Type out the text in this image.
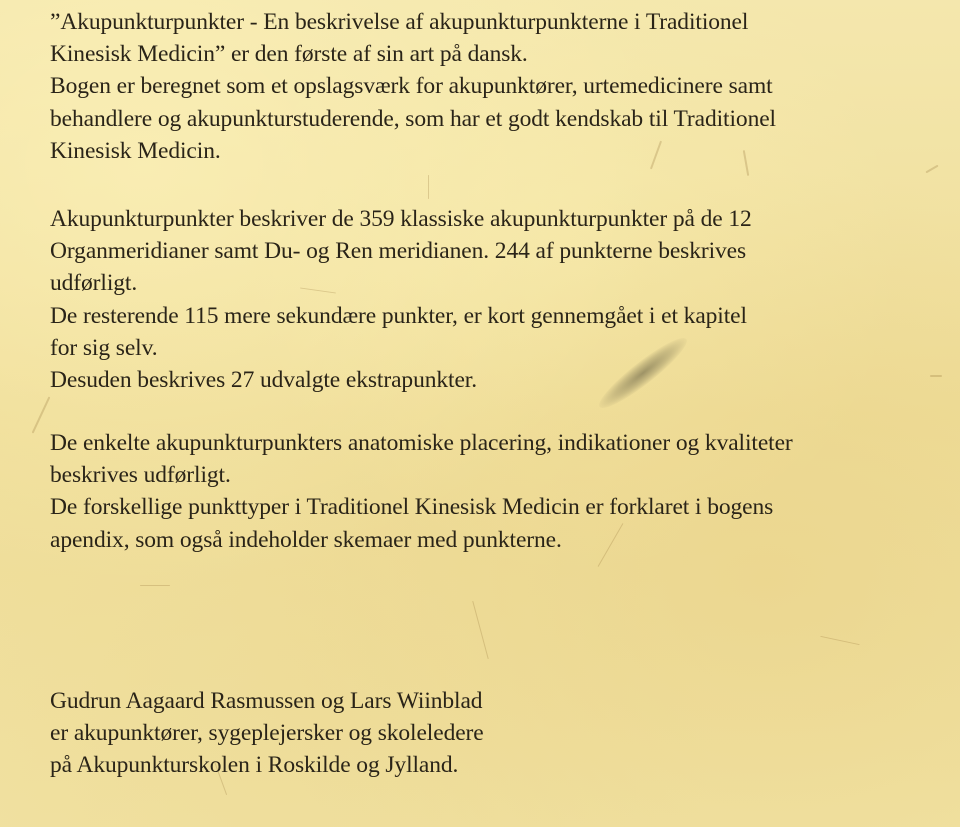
”Akupunkturpunkter - En beskrivelse af akupunkturpunkterne i Traditionel
Kinesisk Medicin” er den første af sin art på dansk.
Bogen er beregnet som et opslagsværk for akupunktører, urtemedicinere samt
behandlere og akupunkturstuderende, som har et godt kendskab til Traditionel
Kinesisk Medicin.
Akupunkturpunkter beskriver de 359 klassiske akupunkturpunkter på de 12
Organmeridianer samt Du- og Ren meridianen. 244 af punkterne beskrives
udførligt.
De resterende 115 mere sekundære punkter, er kort gennemgået i et kapitel
for sig selv.
Desuden beskrives 27 udvalgte ekstrapunkter.
De enkelte akupunkturpunkters anatomiske placering, indikationer og kvaliteter
beskrives udførligt.
De forskellige punkttyper i Traditionel Kinesisk Medicin er forklaret i bogens
apendix, som også indeholder skemaer med punkterne.
Gudrun Aagaard Rasmussen og Lars Wiinblad
er akupunktører, sygeplejersker og skoleledere
på Akupunkturskolen i Roskilde og Jylland.
